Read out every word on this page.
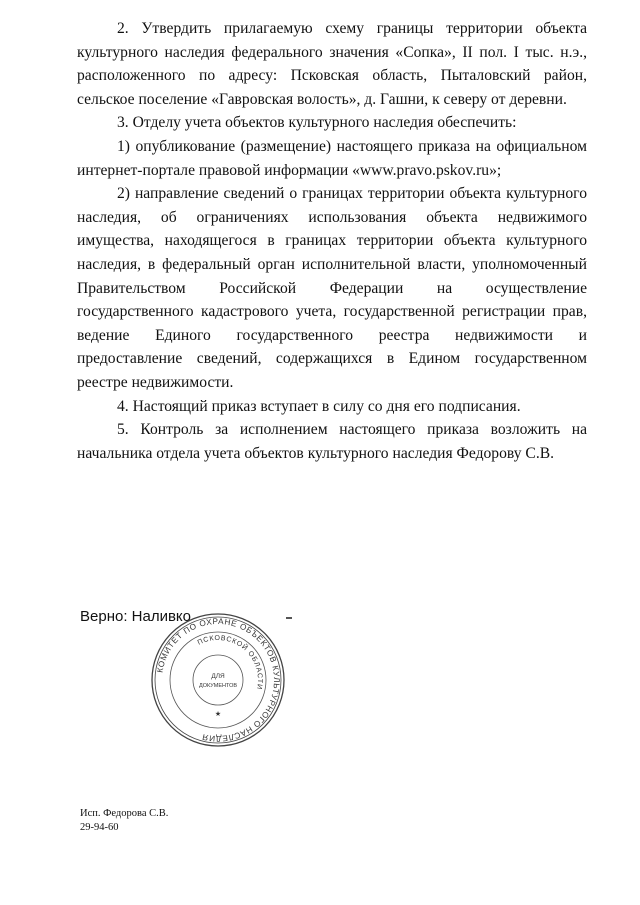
2. Утвердить прилагаемую схему границы территории объекта культурного наследия федерального значения «Сопка», II пол. I тыс. н.э., расположенного по адресу: Псковская область, Пыталовский район, сельское поселение «Гавровская волость», д. Гашни, к северу от деревни.

3. Отделу учета объектов культурного наследия обеспечить:

1) опубликование (размещение) настоящего приказа на официальном интернет-портале правовой информации «www.pravo.pskov.ru»;

2) направление сведений о границах территории объекта культурного наследия, об ограничениях использования объекта недвижимого имущества, находящегося в границах территории объекта культурного наследия, в федеральный орган исполнительной власти, уполномоченный Правительством Российской Федерации на осуществление государственного кадастрового учета, государственной регистрации прав, ведение Единого государственного реестра недвижимости и предоставление сведений, содержащихся в Едином государственном реестре недвижимости.

4. Настоящий приказ вступает в силу со дня его подписания.

5. Контроль за исполнением настоящего приказа возложить на начальника отдела учета объектов культурного наследия Федорову С.В.

Верно: Наливко
КОМИТЕТ ПО ОХРАНЕ ОБЪЕКТОВ КУЛЬТУРНОГО НАСЛЕДИЯ
ПСКОВСКОЙ ОБЛАСТИ
ДЛЯ
ДОКУМЕНТОВ
★
Исп. Федорова С.В.
29-94-60
